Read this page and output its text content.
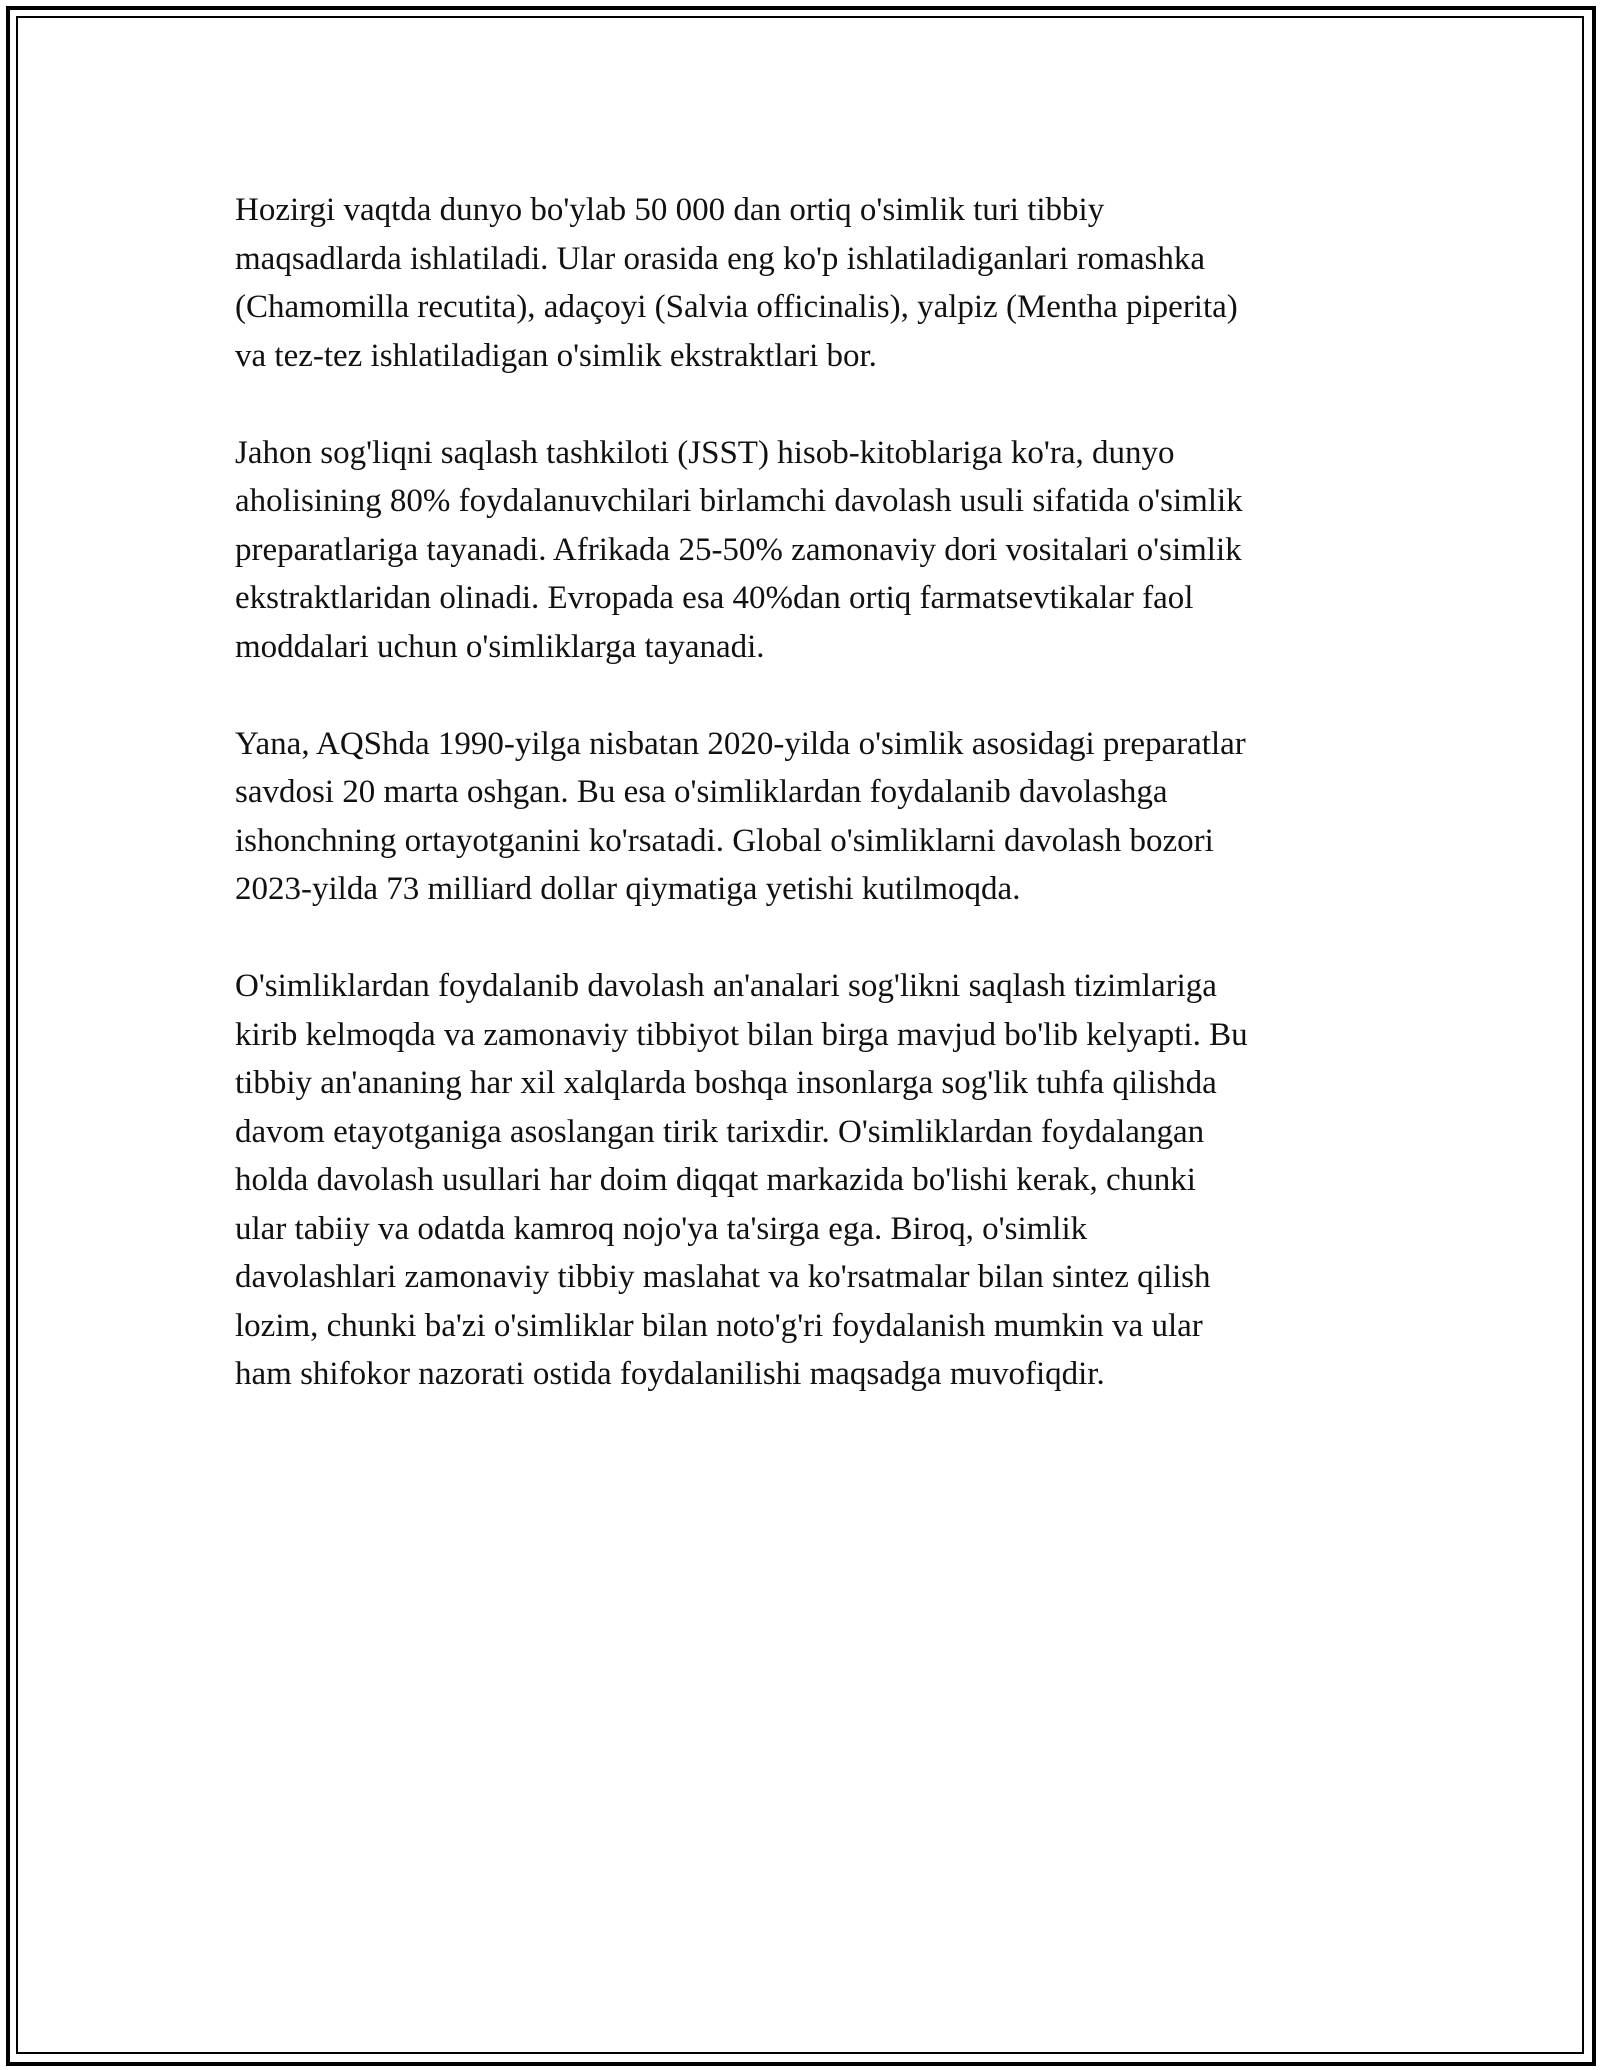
Hozirgi vaqtda dunyo bo'ylab 50 000 dan ortiq o'simlik turi tibbiy
maqsadlarda ishlatiladi. Ular orasida eng ko'p ishlatiladiganlari romashka
(Chamomilla recutita), adaçoyi (Salvia officinalis), yalpiz (Mentha piperita)
va tez-tez ishlatiladigan o'simlik ekstraktlari bor.

Jahon sog'liqni saqlash tashkiloti (JSST) hisob-kitoblariga ko'ra, dunyo
aholisining 80% foydalanuvchilari birlamchi davolash usuli sifatida o'simlik
preparatlariga tayanadi. Afrikada 25-50% zamonaviy dori vositalari o'simlik
ekstraktlaridan olinadi. Evropada esa 40%dan ortiq farmatsevtikalar faol
moddalari uchun o'simliklarga tayanadi.

Yana, AQShda 1990-yilga nisbatan 2020-yilda o'simlik asosidagi preparatlar
savdosi 20 marta oshgan. Bu esa o'simliklardan foydalanib davolashga
ishonchning ortayotganini ko'rsatadi. Global o'simliklarni davolash bozori
2023-yilda 73 milliard dollar qiymatiga yetishi kutilmoqda.

O'simliklardan foydalanib davolash an'analari sog'likni saqlash tizimlariga
kirib kelmoqda va zamonaviy tibbiyot bilan birga mavjud bo'lib kelyapti. Bu
tibbiy an'ananing har xil xalqlarda boshqa insonlarga sog'lik tuhfa qilishda
davom etayotganiga asoslangan tirik tarixdir. O'simliklardan foydalangan
holda davolash usullari har doim diqqat markazida bo'lishi kerak, chunki
ular tabiiy va odatda kamroq nojo'ya ta'sirga ega. Biroq, o'simlik
davolashlari zamonaviy tibbiy maslahat va ko'rsatmalar bilan sintez qilish
lozim, chunki ba'zi o'simliklar bilan noto'g'ri foydalanish mumkin va ular
ham shifokor nazorati ostida foydalanilishi maqsadga muvofiqdir.
